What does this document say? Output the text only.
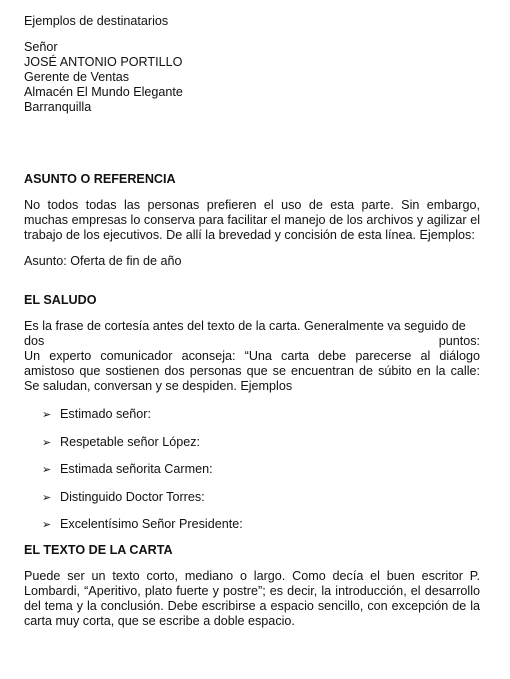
Ejemplos de destinatarios

Señor
JOSÉ ANTONIO PORTILLO
Gerente de Ventas
Almacén El Mundo Elegante
Barranquilla

ASUNTO O REFERENCIA

No todos todas las personas prefieren el uso de esta parte. Sin embargo, muchas empresas lo conserva para facilitar el manejo de los archivos y agilizar el trabajo de los ejecutivos. De allí la brevedad y concisión de esta línea. Ejemplos:

Asunto: Oferta de fin de año

EL SALUDO

Es la frase de cortesía antes del texto de la carta. Generalmente va seguido de

dos	puntos:

Un experto comunicador aconseja: “Una carta debe parecerse al diálogo amistoso que sostienen dos personas que se encuentran de súbito en la calle: Se saludan, conversan y se despiden. Ejemplos

➢ Estimado señor:
➢ Respetable señor López:
➢ Estimada señorita Carmen:
➢ Distinguido Doctor Torres:
➢ Excelentísimo Señor Presidente:

EL TEXTO DE LA CARTA

Puede ser un texto corto, mediano o largo. Como decía el buen escritor P. Lombardi, “Aperitivo, plato fuerte y postre”; es decir, la introducción, el desarrollo del tema y la conclusión. Debe escribirse a espacio sencillo, con excepción de la carta muy corta, que se escribe a doble espacio.
